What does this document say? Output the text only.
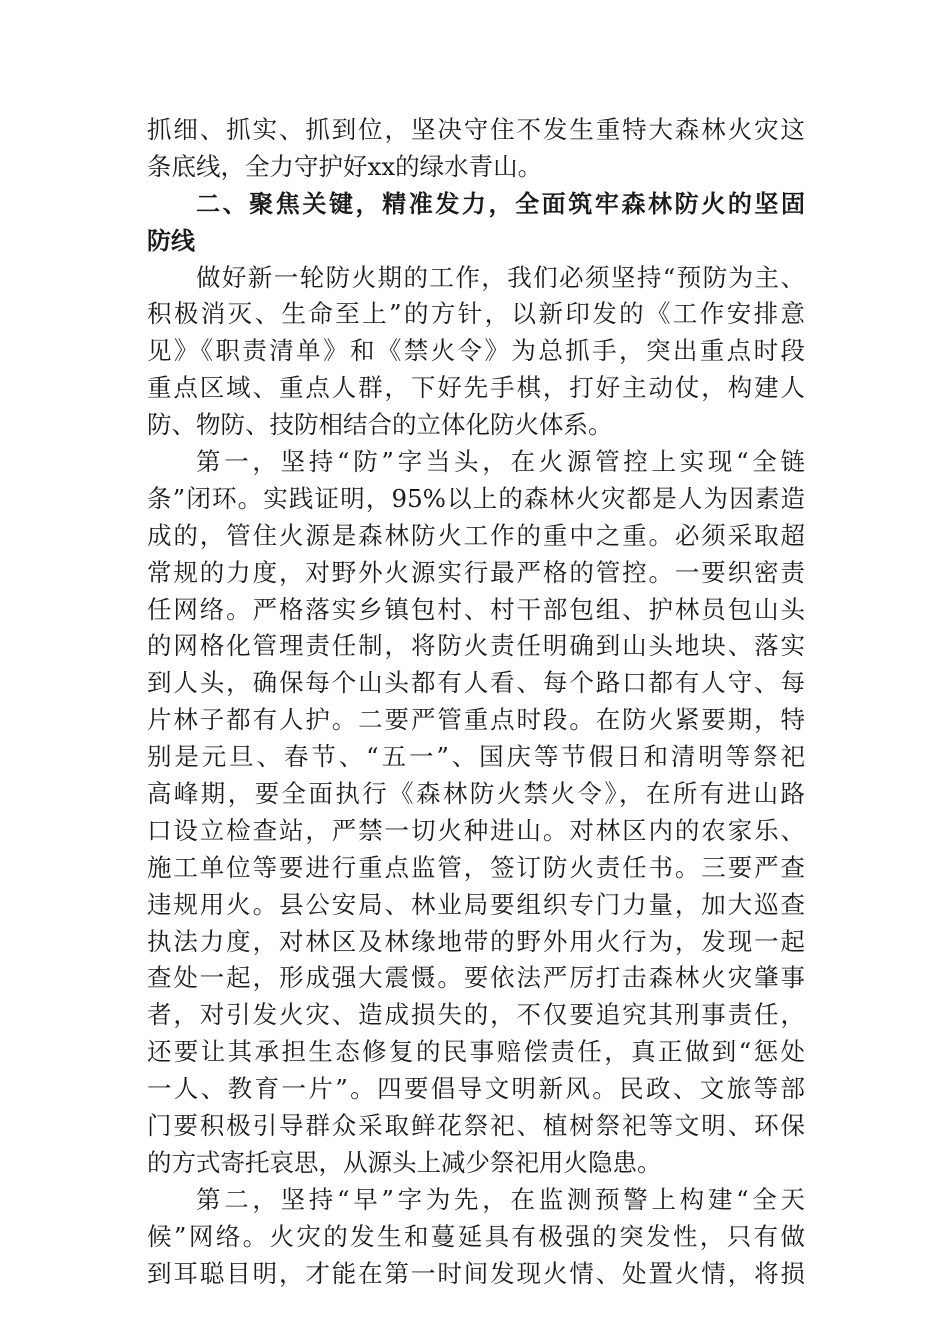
抓细、抓实、抓到位，坚决守住不发生重特大森林火灾这
条底线，全力守护好xx的绿水青山。
二、聚焦关键，精准发力，全面筑牢森林防火的坚固
防线
做好新一轮防火期的工作，我们必须坚持“预防为主、
积极消灭、生命至上”的方针，以新印发的《工作安排意
见》《职责清单》和《禁火令》为总抓手，突出重点时段
重点区域、重点人群，下好先手棋，打好主动仗，构建人
防、物防、技防相结合的立体化防火体系。
第一，坚持“防”字当头，在火源管控上实现“全链
条”闭环。实践证明，95%以上的森林火灾都是人为因素造
成的，管住火源是森林防火工作的重中之重。必须采取超
常规的力度，对野外火源实行最严格的管控。一要织密责
任网络。严格落实乡镇包村、村干部包组、护林员包山头
的网格化管理责任制，将防火责任明确到山头地块、落实
到人头，确保每个山头都有人看、每个路口都有人守、每
片林子都有人护。二要严管重点时段。在防火紧要期，特
别是元旦、春节、“五一”、国庆等节假日和清明等祭祀
高峰期，要全面执行《森林防火禁火令》，在所有进山路
口设立检查站，严禁一切火种进山。对林区内的农家乐、
施工单位等要进行重点监管，签订防火责任书。三要严查
违规用火。县公安局、林业局要组织专门力量，加大巡查
执法力度，对林区及林缘地带的野外用火行为，发现一起
查处一起，形成强大震慑。要依法严厉打击森林火灾肇事
者，对引发火灾、造成损失的，不仅要追究其刑事责任，
还要让其承担生态修复的民事赔偿责任，真正做到“惩处
一人、教育一片”。四要倡导文明新风。民政、文旅等部
门要积极引导群众采取鲜花祭祀、植树祭祀等文明、环保
的方式寄托哀思，从源头上减少祭祀用火隐患。
第二，坚持“早”字为先，在监测预警上构建“全天
候”网络。火灾的发生和蔓延具有极强的突发性，只有做
到耳聪目明，才能在第一时间发现火情、处置火情，将损
